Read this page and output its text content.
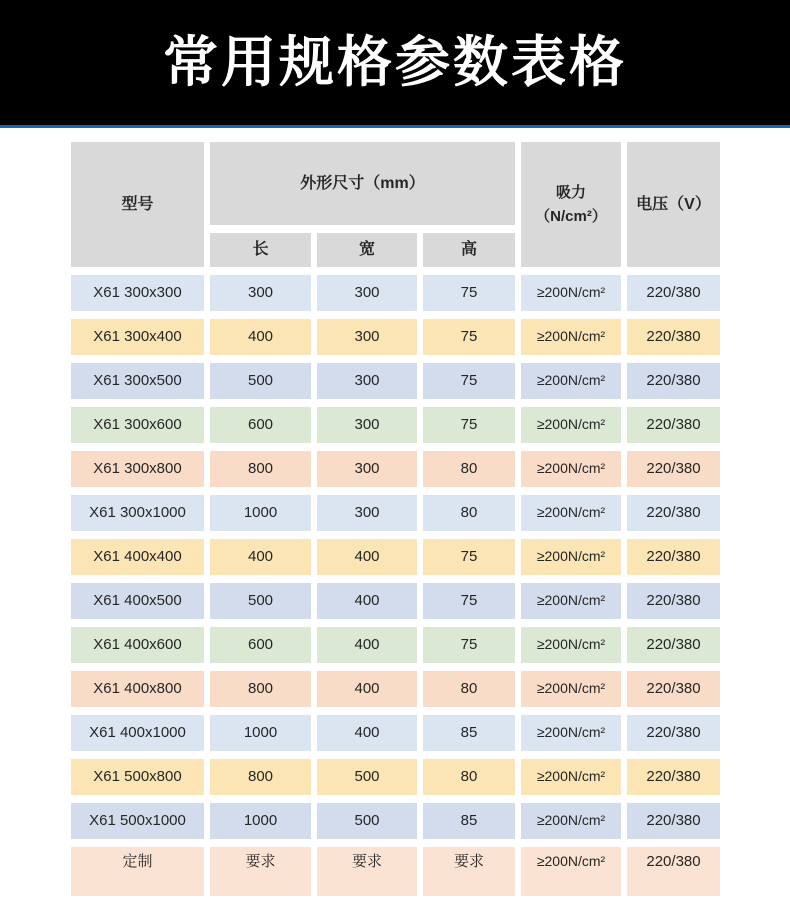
常用规格参数表格
型号
外形尺寸（mm）
吸力
（N/cm²）
电压（V）
长	宽	高
X61 300x300	300	300	75	≥200N/cm²	220/380
X61 300x400	400	300	75	≥200N/cm²	220/380
X61 300x500	500	300	75	≥200N/cm²	220/380
X61 300x600	600	300	75	≥200N/cm²	220/380
X61 300x800	800	300	80	≥200N/cm²	220/380
X61 300x1000	1000	300	80	≥200N/cm²	220/380
X61 400x400	400	400	75	≥200N/cm²	220/380
X61 400x500	500	400	75	≥200N/cm²	220/380
X61 400x600	600	400	75	≥200N/cm²	220/380
X61 400x800	800	400	80	≥200N/cm²	220/380
X61 400x1000	1000	400	85	≥200N/cm²	220/380
X61 500x800	800	500	80	≥200N/cm²	220/380
X61 500x1000	1000	500	85	≥200N/cm²	220/380
定制	要求	要求	要求	≥200N/cm²	220/380
